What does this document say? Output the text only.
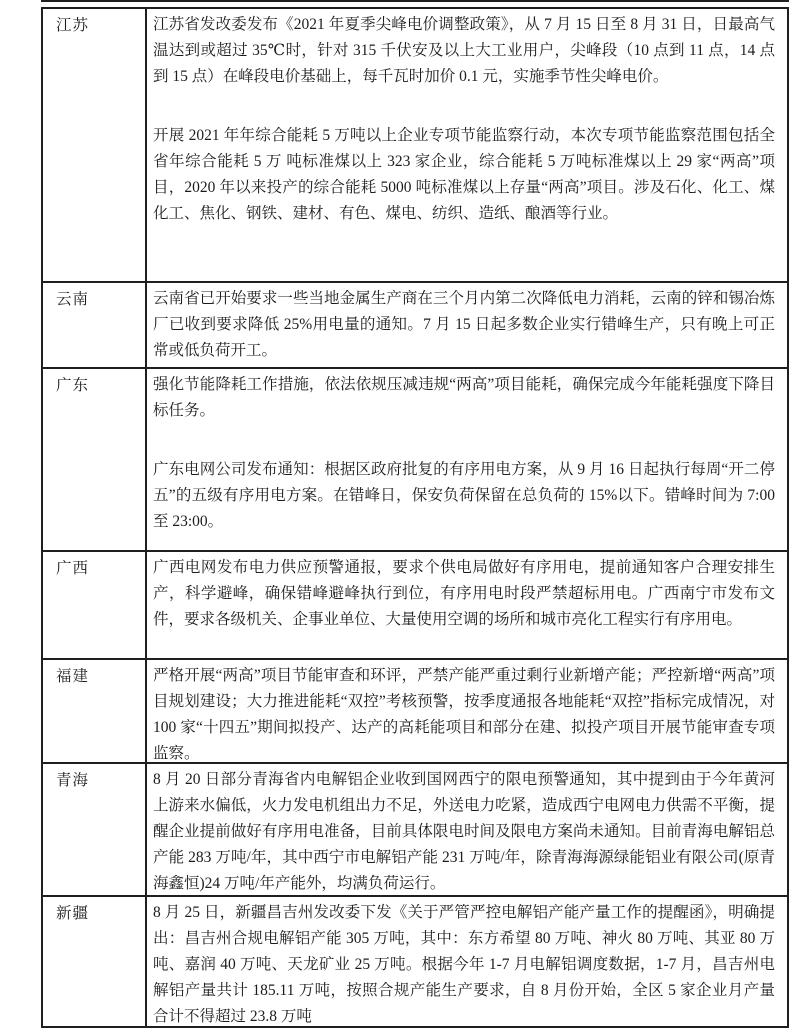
江苏	江苏省发改委发布《2021 年夏季尖峰电价调整政策》，从 7 月 15 日至 8 月 31 日，日最高气温达到或超过 35℃时，针对 315 千伏安及以上大工业用户，尖峰段（10 点到 11 点，14 点到 15 点）在峰段电价基础上，每千瓦时加价 0.1 元，实施季节性尖峰电价。

开展 2021 年年综合能耗 5 万吨以上企业专项节能监察行动，本次专项节能监察范围包括全省年综合能耗 5 万 吨标准煤以上 323 家企业，综合能耗 5 万吨标准煤以上 29 家“两高”项目，2020 年以来投产的综合能耗 5000 吨标准煤以上存量“两高”项目。涉及石化、化工、煤化工、焦化、钢铁、建材、有色、煤电、纺织、造纸、酿酒等行业。

云南	云南省已开始要求一些当地金属生产商在三个月内第二次降低电力消耗，云南的锌和锡冶炼厂已收到要求降低 25%用电量的通知。7 月 15 日起多数企业实行错峰生产，只有晚上可正常或低负荷开工。

广东	强化节能降耗工作措施，依法依规压减违规“两高”项目能耗，确保完成今年能耗强度下降目标任务。

广东电网公司发布通知：根据区政府批复的有序用电方案，从 9 月 16 日起执行每周“开二停五”的五级有序用电方案。在错峰日，保安负荷保留在总负荷的 15%以下。错峰时间为 7:00 至 23:00。

广西	广西电网发布电力供应预警通报，要求个供电局做好有序用电，提前通知客户合理安排生产，科学避峰，确保错峰避峰执行到位，有序用电时段严禁超标用电。广西南宁市发布文件，要求各级机关、企事业单位、大量使用空调的场所和城市亮化工程实行有序用电。

福建	严格开展“两高”项目节能审查和环评，严禁产能严重过剩行业新增产能；严控新增“两高”项目规划建设；大力推进能耗“双控”考核预警，按季度通报各地能耗“双控”指标完成情况，对 100 家“十四五”期间拟投产、达产的高耗能项目和部分在建、拟投产项目开展节能审查专项监察。

青海	8 月 20 日部分青海省内电解铝企业收到国网西宁的限电预警通知，其中提到由于今年黄河上游来水偏低，火力发电机组出力不足，外送电力吃紧，造成西宁电网电力供需不平衡，提醒企业提前做好有序用电准备，目前具体限电时间及限电方案尚未通知。目前青海电解铝总产能 283 万吨/年，其中西宁市电解铝产能 231 万吨/年，除青海海源绿能铝业有限公司(原青海鑫恒)24 万吨/年产能外，均满负荷运行。

新疆	8 月 25 日，新疆昌吉州发改委下发《关于严管严控电解铝产能产量工作的提醒函》，明确提出：昌吉州合规电解铝产能 305 万吨，其中：东方希望 80 万吨、神火 80 万吨、其亚 80 万吨、嘉润 40 万吨、天龙矿业 25 万吨。根据今年 1-7 月电解铝调度数据，1-7 月，昌吉州电解铝产量共计 185.11 万吨，按照合规产能生产要求，自 8 月份开始，全区 5 家企业月产量合计不得超过 23.8 万吨
